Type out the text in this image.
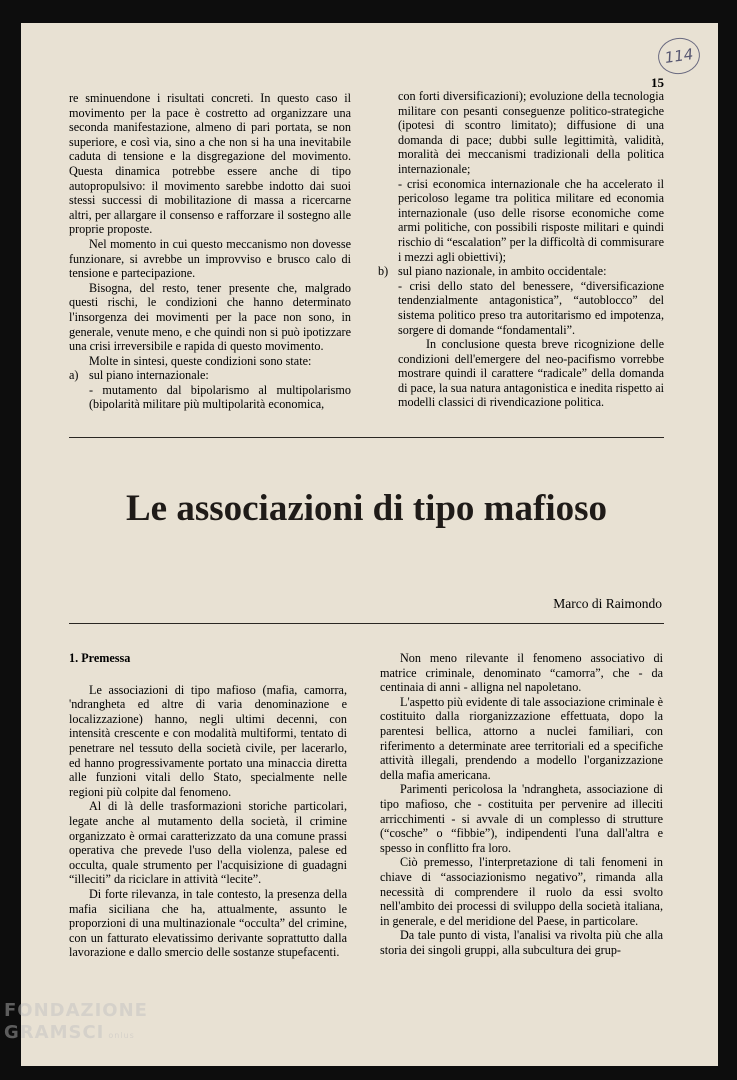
114
15

re sminuendone i risultati concreti. In questo caso il movimento per la pace è costretto ad organizzare una seconda manifestazione, almeno di pari portata, se non superiore, e così via, sino a che non si ha una inevitabile caduta di tensione e la disgregazione del movimento. Questa dinamica potrebbe essere anche di tipo autopropulsivo: il movimento sarebbe indotto dai suoi stessi successi di mobilitazione di massa a ricercarne altri, per allargare il consenso e rafforzare il sostegno alle proprie proposte.

Nel momento in cui questo meccanismo non dovesse funzionare, si avrebbe un improvviso e brusco calo di tensione e partecipazione.

Bisogna, del resto, tener presente che, malgrado questi rischi, le condizioni che hanno determinato l'insorgenza dei movimenti per la pace non sono, in generale, venute meno, e che quindi non si può ipotizzare una crisi irreversibile e rapida di questo movimento.

Molte in sintesi, queste condizioni sono state:

a) sul piano internazionale:

- mutamento dal bipolarismo al multipolarismo (bipolarità militare più multipolarità economica,

con forti diversificazioni); evoluzione della tecnologia militare con pesanti conseguenze politico-strategiche (ipotesi di scontro limitato); diffusione di una domanda di pace; dubbi sulle legittimità, validità, moralità dei meccanismi tradizionali della politica internazionale;

- crisi economica internazionale che ha accelerato il pericoloso legame tra politica militare ed economia internazionale (uso delle risorse economiche come armi politiche, con possibili risposte militari e quindi rischio di “escalation” per la difficoltà di commisurare i mezzi agli obiettivi);

b) sul piano nazionale, in ambito occidentale:

- crisi dello stato del benessere, “diversificazione tendenzialmente antagonistica”, “autoblocco” del sistema politico preso tra autoritarismo ed impotenza, sorgere di domande “fondamentali”.

In conclusione questa breve ricognizione delle condizioni dell'emergere del neo-pacifismo vorrebbe mostrare quindi il carattere “radicale” della domanda di pace, la sua natura antagonistica e inedita rispetto ai modelli classici di rivendicazione politica.

Le associazioni di tipo mafioso
Marco di Raimondo

1. Premessa

Le associazioni di tipo mafioso (mafia, camorra, 'ndrangheta ed altre di varia denominazione e localizzazione) hanno, negli ultimi decenni, con intensità crescente e con modalità multiformi, tentato di penetrare nel tessuto della società civile, per lacerarlo, ed hanno progressivamente portato una minaccia diretta alle funzioni vitali dello Stato, specialmente nelle regioni più colpite dal fenomeno.

Al di là delle trasformazioni storiche particolari, legate anche al mutamento della società, il crimine organizzato è ormai caratterizzato da una comune prassi operativa che prevede l'uso della violenza, palese ed occulta, quale strumento per l'acquisizione di guadagni “illeciti” da riciclare in attività “lecite”.

Di forte rilevanza, in tale contesto, la presenza della mafia siciliana che ha, attualmente, assunto le proporzioni di una multinazionale “occulta” del crimine, con un fatturato elevatissimo derivante soprattutto dalla lavorazione e dallo smercio delle sostanze stupefacenti.

Non meno rilevante il fenomeno associativo di matrice criminale, denominato “camorra”, che - da centinaia di anni - alligna nel napoletano.

L'aspetto più evidente di tale associazione criminale è costituito dalla riorganizzazione effettuata, dopo la parentesi bellica, attorno a nuclei familiari, con riferimento a determinate aree territoriali ed a specifiche attività illegali, prendendo a modello l'organizzazione della mafia americana.

Parimenti pericolosa la 'ndrangheta, associazione di tipo mafioso, che - costituita per pervenire ad illeciti arricchimenti - si avvale di un complesso di strutture (“cosche” o “fibbie”), indipendenti l'una dall'altra e spesso in conflitto fra loro.

Ciò premesso, l'interpretazione di tali fenomeni in chiave di “associazionismo negativo”, rimanda alla necessità di comprendere il ruolo da essi svolto nell'ambito dei processi di sviluppo della società italiana, in generale, e del meridione del Paese, in particolare.

Da tale punto di vista, l'analisi va rivolta più che alla storia dei singoli gruppi, alla subcultura dei grup-

FONDAZIONE
GRAMSCI onlus
